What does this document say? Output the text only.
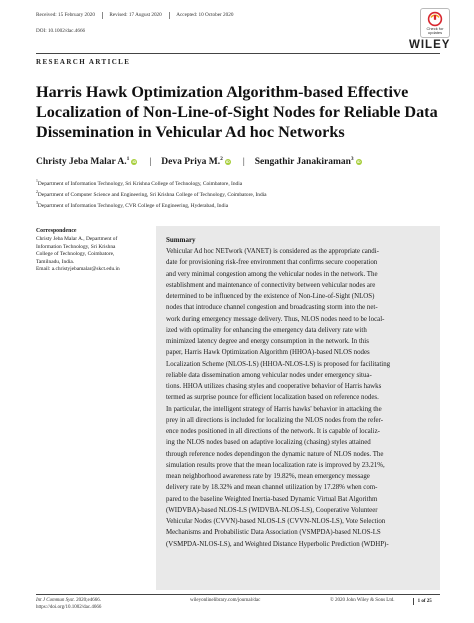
Received: 15 February 2020	Revised: 17 August 2020	Accepted: 10 October 2020
DOI: 10.1002/dac.4666	Check for updates
WILEY
RESEARCH ARTICLE
Harris Hawk Optimization Algorithm-based Effective Localization of Non-Line-of-Sight Nodes for Reliable Data Dissemination in Vehicular Ad hoc Networks
Christy Jeba Malar A.$^1$ iD | Deva Priya M.$^2$ iD | Sengathir Janakiraman$^3$ iD
$^1$Department of Information Technology, Sri Krishna College of Technology, Coimbatore, India
$^2$Department of Computer Science and Engineering, Sri Krishna College of Technology, Coimbatore, India
$^3$Department of Information Technology, CVR College of Engineering, Hyderabad, India
Correspondence
Christy Jeba Malar A., Department of
Information Technology, Sri Krishna
College of Technology, Coimbatore,
Tamilnadu, India.
Email: a.christyjebamalar@skct.edu.in
Summary
Vehicular Ad hoc NETwork (VANET) is considered as the appropriate candi-
date for provisioning risk-free environment that confirms secure cooperation
and very minimal congestion among the vehicular nodes in the network. The
establishment and maintenance of connectivity between vehicular nodes are
determined to be influenced by the existence of Non-Line-of-Sight (NLOS)
nodes that introduce channel congestion and broadcasting storm into the net-
work during emergency message delivery. Thus, NLOS nodes need to be local-
ized with optimality for enhancing the emergency data delivery rate with
minimized latency degree and energy consumption in the network. In this
paper, Harris Hawk Optimization Algorithm (HHOA)-based NLOS nodes
Localization Scheme (NLOS-LS) (HHOA-NLOS-LS) is proposed for facilitating
reliable data dissemination among vehicular nodes under emergency situa-
tions. HHOA utilizes chasing styles and cooperative behavior of Harris hawks
termed as surprise pounce for efficient localization based on reference nodes.
In particular, the intelligent strategy of Harris hawks' behavior in attacking the
prey in all directions is included for localizing the NLOS nodes from the refer-
ence nodes positioned in all directions of the network. It is capable of localiz-
ing the NLOS nodes based on adaptive localizing (chasing) styles attained
through reference nodes dependingon the dynamic nature of NLOS nodes. The
simulation results prove that the mean localization rate is improved by 23.21%,
mean neighborhood awareness rate by 19.82%, mean emergency message
delivery rate by 18.32% and mean channel utilization by 17.28% when com-
pared to the baseline Weighted Inertia-based Dynamic Virtual Bat Algorithm
(WIDVBA)-based NLOS-LS (WIDVBA-NLOS-LS), Cooperative Volunteer
Vehicular Nodes (CVVN)-based NLOS-LS (CVVN-NLOS-LS), Vote Selection
Mechanisms and Probabilistic Data Association (VSMPDA)-based NLOS-LS
(VSMPDA-NLOS-LS), and Weighted Distance Hyperbolic Prediction (WDHP)-
Int J Commun Syst. 2020;e4666.
https://doi.org/10.1002/dac.4666
wileyonlinelibrary.com/journal/dac	© 2020 John Wiley & Sons Ltd.	1 of 25
